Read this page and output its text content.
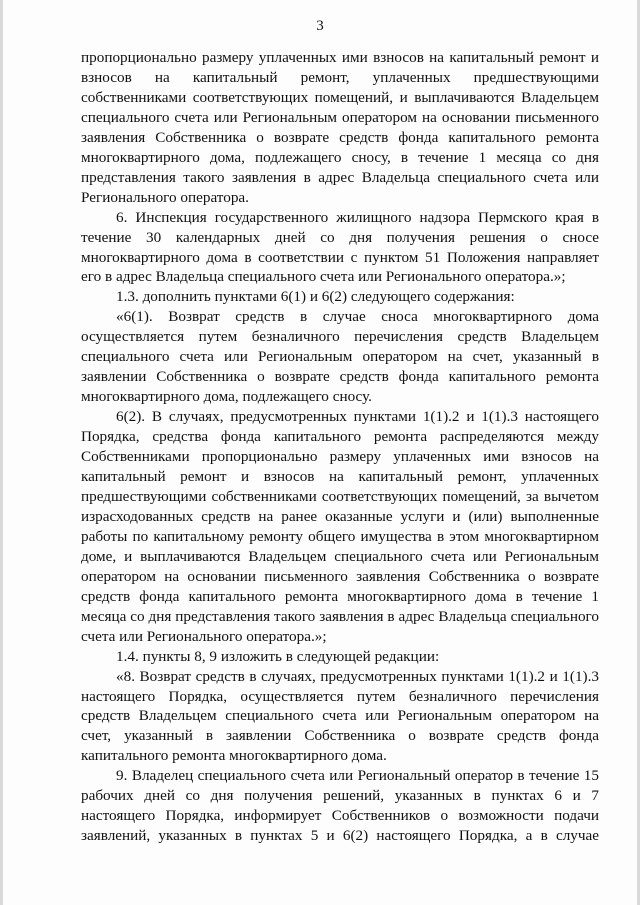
3

пропорционально размеру уплаченных ими взносов на капитальный ремонт и взносов на капитальный ремонт, уплаченных предшествующими собственниками соответствующих помещений, и выплачиваются Владельцем специального счета или Региональным оператором на основании письменного заявления Собственника о возврате средств фонда капитального ремонта многоквартирного дома, подлежащего сносу, в течение 1 месяца со дня представления такого заявления в адрес Владельца специального счета или Регионального оператора.

6. Инспекция государственного жилищного надзора Пермского края в течение 30 календарных дней со дня получения решения о сносе многоквартирного дома в соответствии с пунктом 51 Положения направляет его в адрес Владельца специального счета или Регионального оператора.»;

1.3. дополнить пунктами 6(1) и 6(2) следующего содержания:

«6(1). Возврат средств в случае сноса многоквартирного дома осуществляется путем безналичного перечисления средств Владельцем специального счета или Региональным оператором на счет, указанный в заявлении Собственника о возврате средств фонда капитального ремонта многоквартирного дома, подлежащего сносу.

6(2). В случаях, предусмотренных пунктами 1(1).2 и 1(1).3 настоящего Порядка, средства фонда капитального ремонта распределяются между Собственниками пропорционально размеру уплаченных ими взносов на капитальный ремонт и взносов на капитальный ремонт, уплаченных предшествующими собственниками соответствующих помещений, за вычетом израсходованных средств на ранее оказанные услуги и (или) выполненные работы по капитальному ремонту общего имущества в этом многоквартирном доме, и выплачиваются Владельцем специального счета или Региональным оператором на основании письменного заявления Собственника о возврате средств фонда капитального ремонта многоквартирного дома в течение 1 месяца со дня представления такого заявления в адрес Владельца специального счета или Регионального оператора.»;

1.4. пункты 8, 9 изложить в следующей редакции:

«8. Возврат средств в случаях, предусмотренных пунктами 1(1).2 и 1(1).3 настоящего Порядка, осуществляется путем безналичного перечисления средств Владельцем специального счета или Региональным оператором на счет, указанный в заявлении Собственника о возврате средств фонда капитального ремонта многоквартирного дома.

9. Владелец специального счета или Региональный оператор в течение 15 рабочих дней со дня получения решений, указанных в пунктах 6 и 7 настоящего Порядка, информирует Собственников о возможности подачи заявлений, указанных в пунктах 5 и 6(2) настоящего Порядка, а в случае
